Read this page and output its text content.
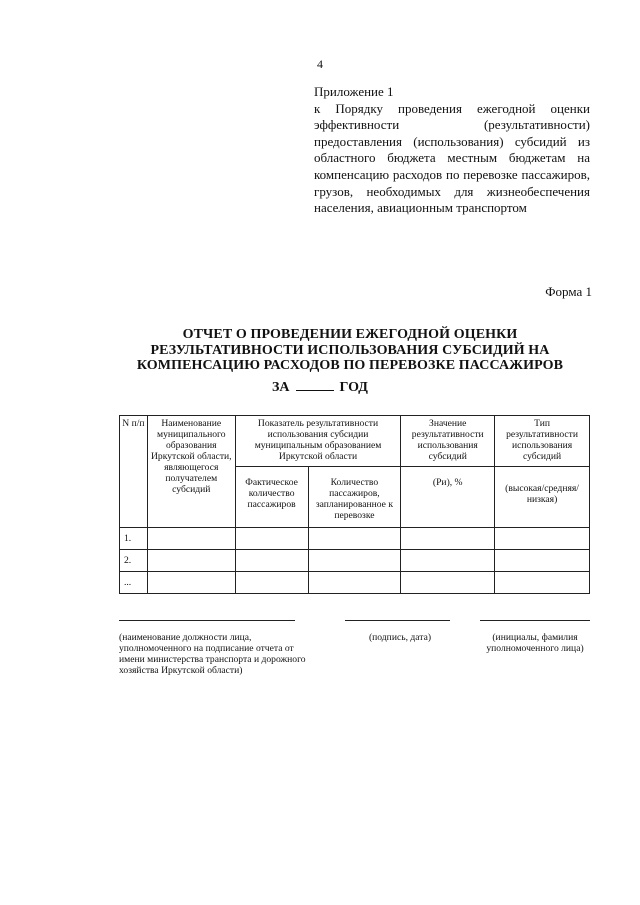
4
Приложение 1
к Порядку проведения ежегодной оценки эффективности (результативности) предоставления (использования) субсидий из областного бюджета местным бюджетам на компенсацию расходов по перевозке пассажиров, грузов, необходимых для жизнеобеспечения населения, авиационным транспортом
Форма 1
ОТЧЕТ О ПРОВЕДЕНИИ ЕЖЕГОДНОЙ ОЦЕНКИ
РЕЗУЛЬТАТИВНОСТИ ИСПОЛЬЗОВАНИЯ СУБСИДИЙ НА
КОМПЕНСАЦИЮ РАСХОДОВ ПО ПЕРЕВОЗКЕ ПАССАЖИРОВ
ЗА	ГОД
N п/п	Наименование муниципального образования Иркутской области, являющегося получателем субсидий	Показатель результативности использования субсидии муниципальным образованием Иркутской области		Значение результативности использования субсидий	Тип результативности использования субсидий
		Фактическое количество пассажиров	Количество пассажиров, запланированное к перевозке	(Ри), %	(высокая/средняя/ низкая)
1.					
2.					
...					
(наименование должности лица, уполномоченного на подписание отчета от имени министерства транспорта и дорожного хозяйства Иркутской области)
(подпись, дата)	(инициалы, фамилия уполномоченного лица)
